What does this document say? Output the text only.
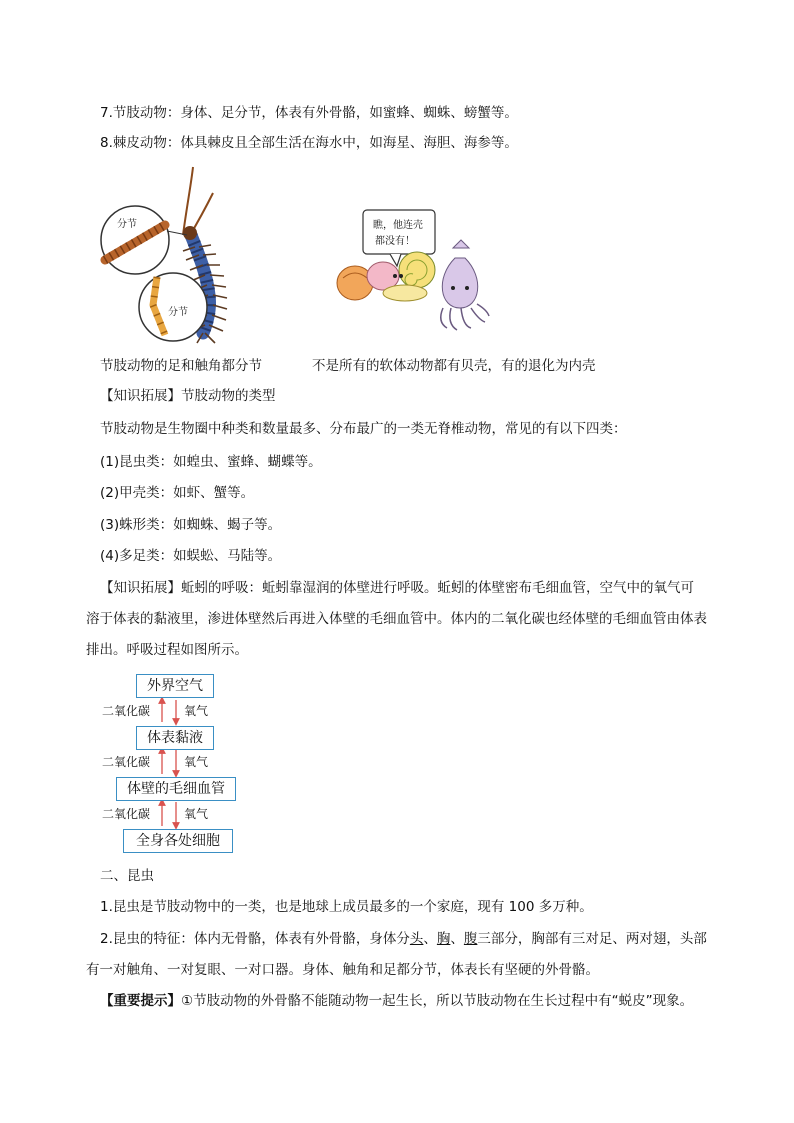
7.节肢动物：身体、足分节，体表有外骨骼，如蜜蜂、蜘蛛、螃蟹等。
8.棘皮动物：体具棘皮且全部生活在海水中，如海星、海胆、海参等。
分节
分节
瞧，他连壳
都没有！
节肢动物的足和触角都分节	不是所有的软体动物都有贝壳，有的退化为内壳
【知识拓展】节肢动物的类型
节肢动物是生物圈中种类和数量最多、分布最广的一类无脊椎动物，常见的有以下四类：
(1)昆虫类：如蝗虫、蜜蜂、蝴蝶等。
(2)甲壳类：如虾、蟹等。
(3)蛛形类：如蜘蛛、蝎子等。
(4)多足类：如蜈蚣、马陆等。
【知识拓展】蚯蚓的呼吸：蚯蚓靠湿润的体壁进行呼吸。蚯蚓的体壁密布毛细血管，空气中的氧气可
溶于体表的黏液里，渗进体壁然后再进入体壁的毛细血管中。体内的二氧化碳也经体壁的毛细血管由体表
排出。呼吸过程如图所示。
外界空气
体表黏液
体壁的毛细血管
全身各处细胞
二氧化碳	氧气
二氧化碳	氧气
二氧化碳	氧气
二、昆虫
1.昆虫是节肢动物中的一类，也是地球上成员最多的一个家庭，现有 100 多万种。
2.昆虫的特征：体内无骨骼，体表有外骨骼，身体分头、胸、腹三部分，胸部有三对足、两对翅，头部
有一对触角、一对复眼、一对口器。身体、触角和足都分节，体表长有坚硬的外骨骼。
【重要提示】①节肢动物的外骨骼不能随动物一起生长，所以节肢动物在生长过程中有“蜕皮”现象。
